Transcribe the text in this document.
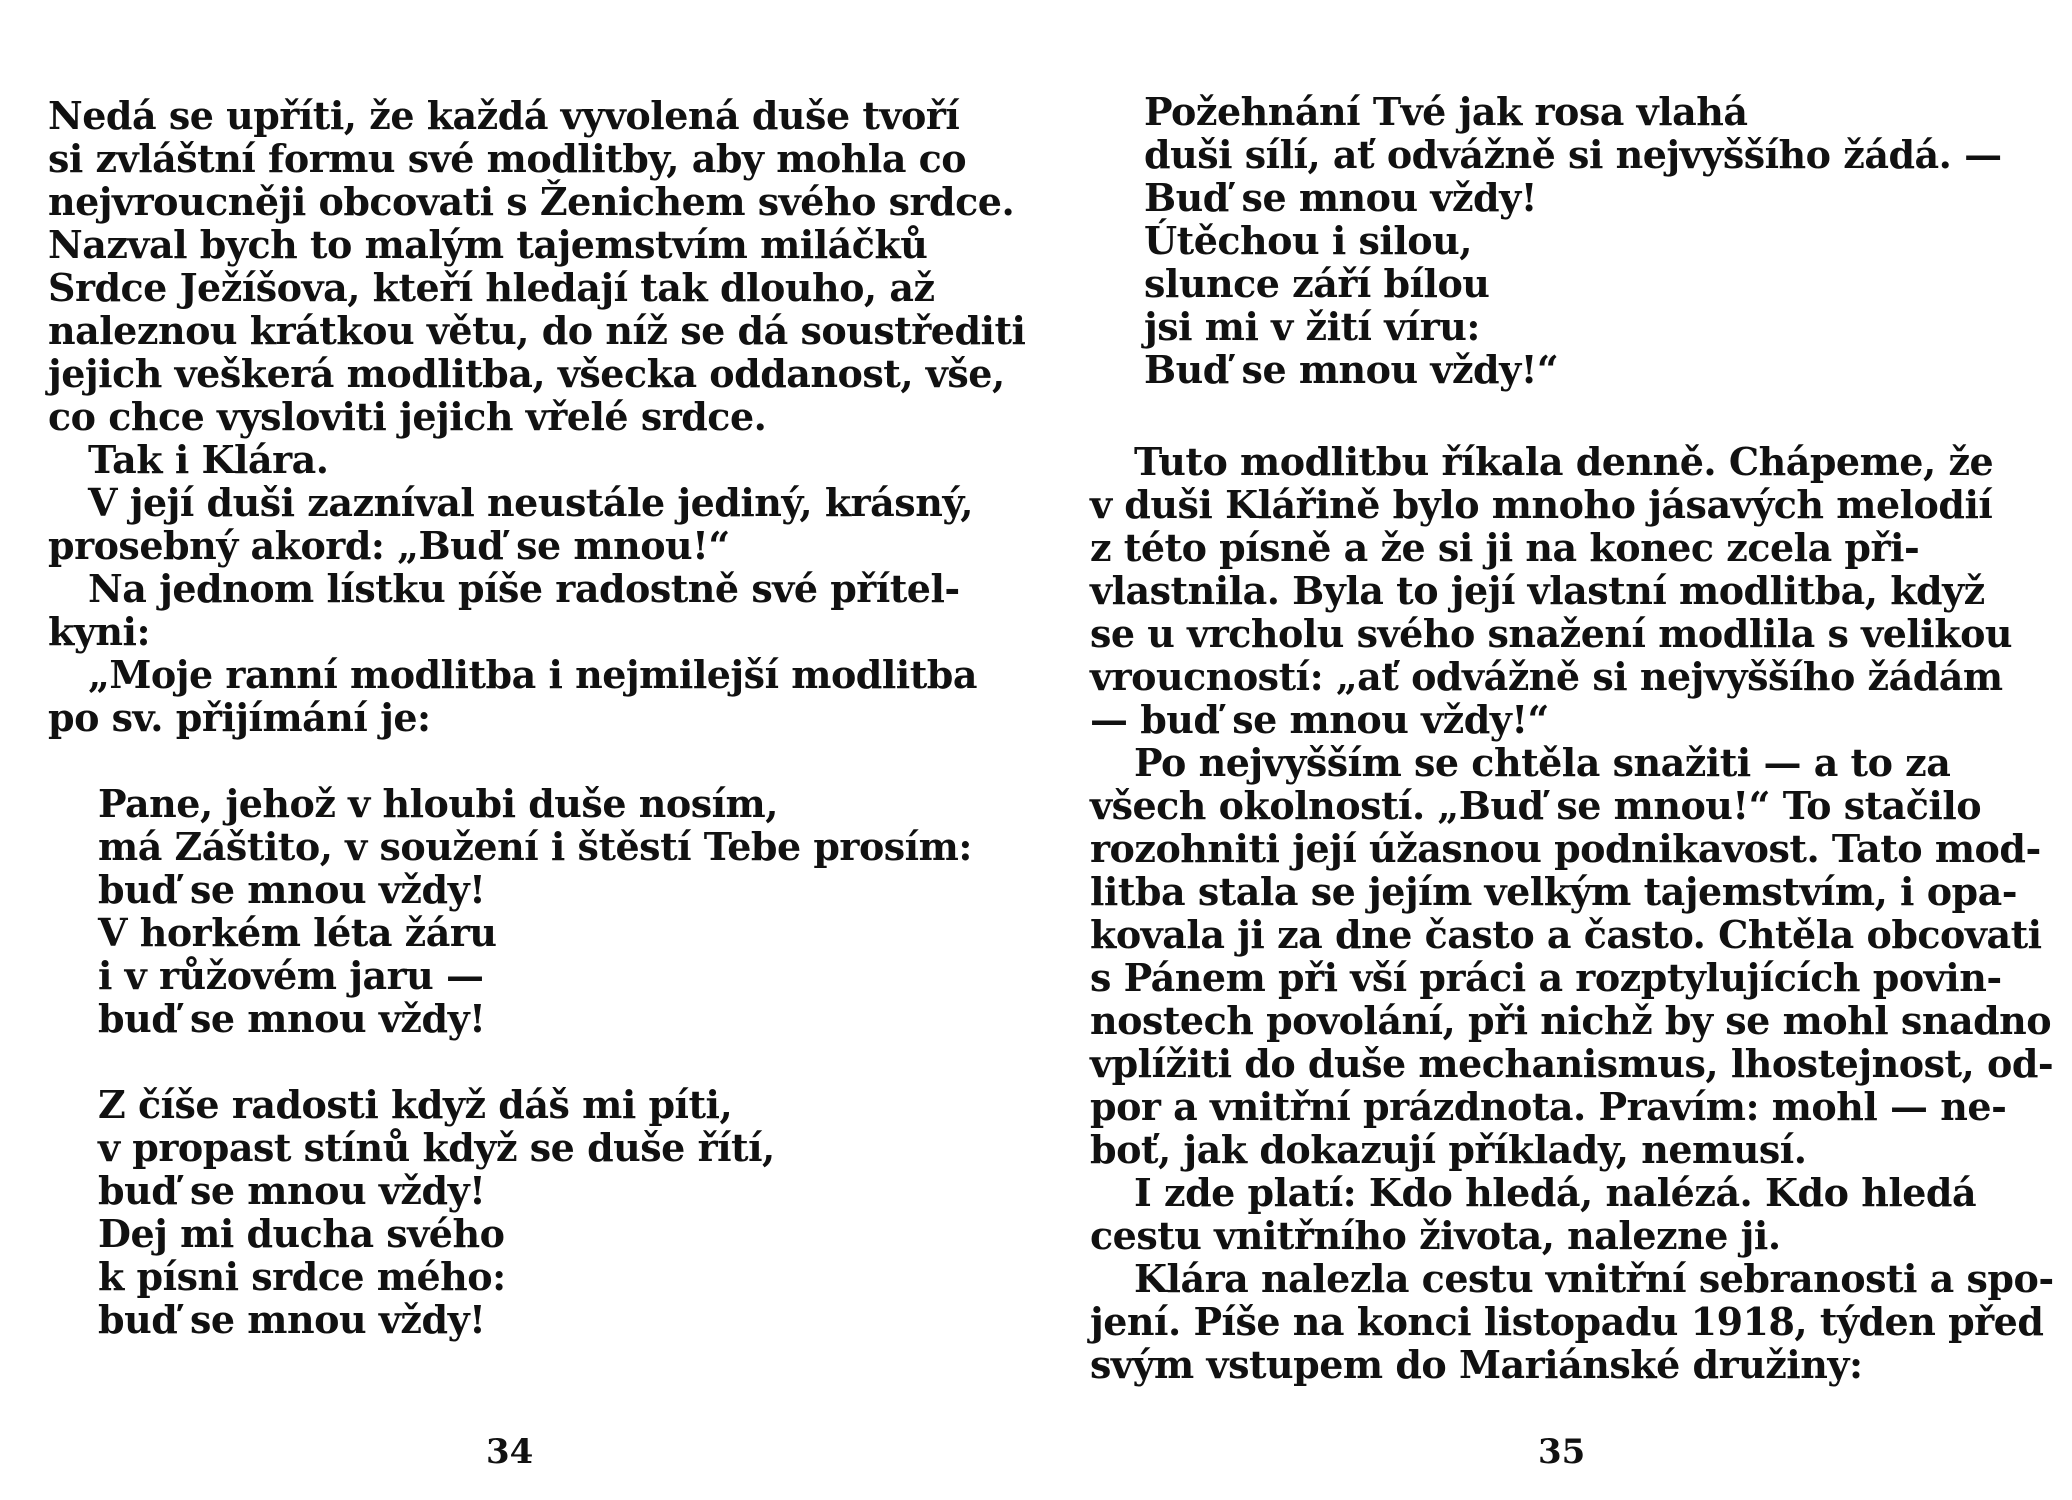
Nedá se upříti, že každá vyvolená duše tvoří
si zvláštní formu své modlitby, aby mohla co
nejvroucněji obcovati s Ženichem svého srdce.
Nazval bych to malým tajemstvím miláčků
Srdce Ježíšova, kteří hledají tak dlouho, až
naleznou krátkou větu, do níž se dá soustřediti
jejich veškerá modlitba, všecka oddanost, vše,
co chce vysloviti jejich vřelé srdce.
Tak i Klára.
V její duši zazníval neustále jediný, krásný,
prosebný akord: „Buď se mnou!“
Na jednom lístku píše radostně své přítel-
kyni:
„Moje ranní modlitba i nejmilejší modlitba
po sv. přijímání je:
Pane, jehož v hloubi duše nosím,
má Záštito, v soužení i štěstí Tebe prosím:
buď se mnou vždy!
V horkém léta žáru
i v růžovém jaru —
buď se mnou vždy!
Z číše radosti když dáš mi píti,
v propast stínů když se duše řítí,
buď se mnou vždy!
Dej mi ducha svého
k písni srdce mého:
buď se mnou vždy!
34
Požehnání Tvé jak rosa vlahá
duši sílí, ať odvážně si nejvyššího žádá. —
Buď se mnou vždy!
Útěchou i silou,
slunce září bílou
jsi mi v žití víru:
Buď se mnou vždy!“
Tuto modlitbu říkala denně. Chápeme, že
v duši Klářině bylo mnoho jásavých melodií
z této písně a že si ji na konec zcela při-
vlastnila. Byla to její vlastní modlitba, když
se u vrcholu svého snažení modlila s velikou
vroucností: „ať odvážně si nejvyššího žádám
— buď se mnou vždy!“
Po nejvyšším se chtěla snažiti — a to za
všech okolností. „Buď se mnou!“ To stačilo
rozohniti její úžasnou podnikavost. Tato mod-
litba stala se jejím velkým tajemstvím, i opa-
kovala ji za dne často a často. Chtěla obcovati
s Pánem při vší práci a rozptylujících povin-
nostech povolání, při nichž by se mohl snadno
vplížiti do duše mechanismus, lhostejnost, od-
por a vnitřní prázdnota. Pravím: mohl — ne-
boť, jak dokazují příklady, nemusí.
I zde platí: Kdo hledá, nalézá. Kdo hledá
cestu vnitřního života, nalezne ji.
Klára nalezla cestu vnitřní sebranosti a spo-
jení. Píše na konci listopadu 1918, týden před
svým vstupem do Mariánské družiny:
35
